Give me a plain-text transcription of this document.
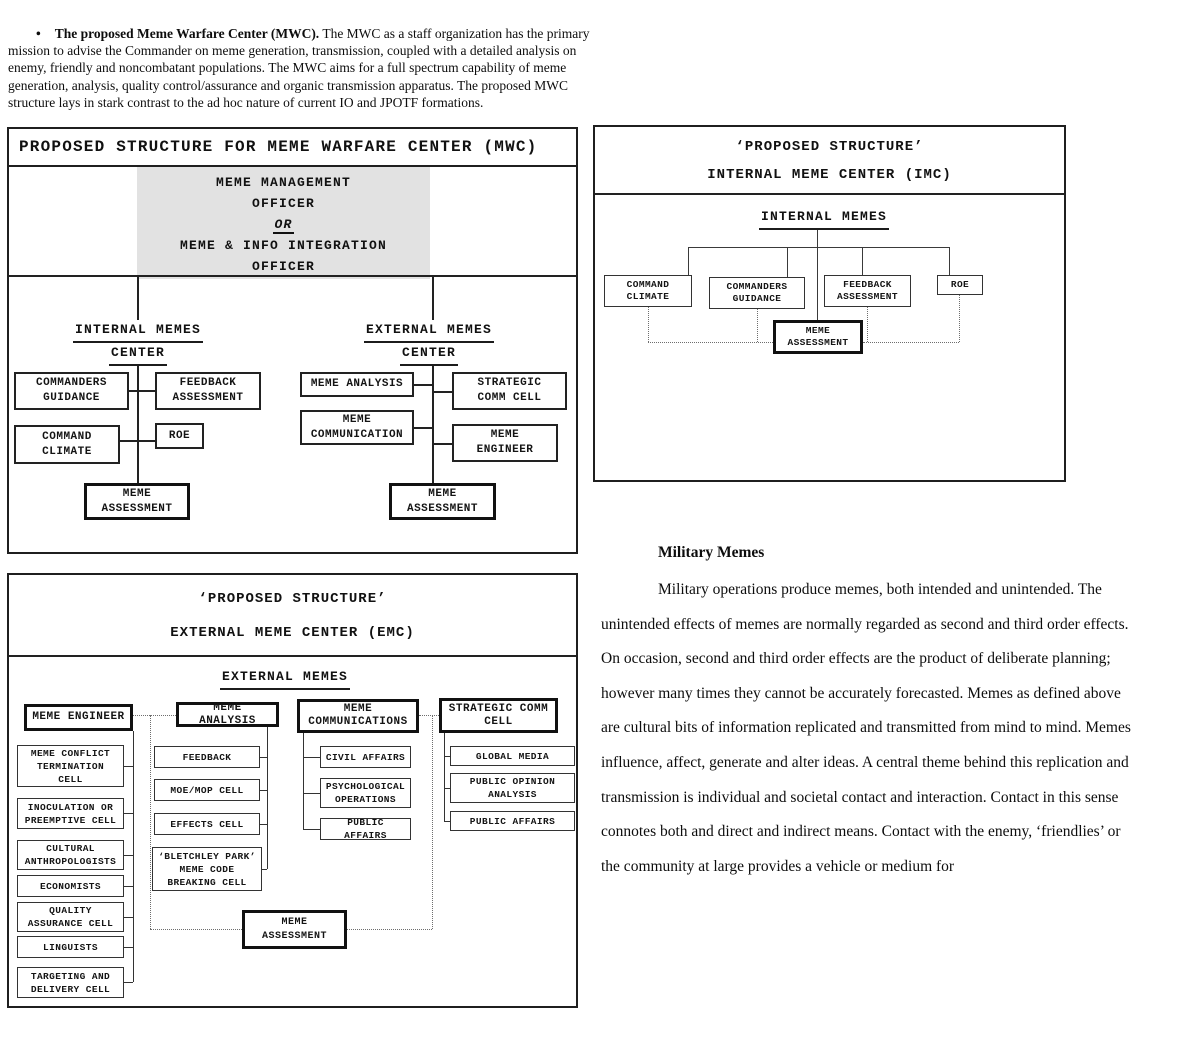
• The proposed Meme Warfare Center (MWC). The MWC as a staff organization has the primary mission to advise the Commander on meme generation, transmission, coupled with a detailed analysis on enemy, friendly and noncombatant populations. The MWC aims for a full spectrum capability of meme generation, analysis, quality control/assurance and organic transmission apparatus. The proposed MWC structure lays in stark contrast to the ad hoc nature of current IO and JPOTF formations.

PROPOSED STRUCTURE FOR MEME WARFARE CENTER (MWC)
MEME MANAGEMENT
OFFICER
OR
MEME & INFO INTEGRATION
OFFICER
INTERNAL MEMES
CENTER
COMMANDERS GUIDANCE
FEEDBACK ASSESSMENT
COMMAND CLIMATE
ROE
MEME ASSESSMENT
EXTERNAL MEMES
CENTER
MEME ANALYSIS	STRATEGIC COMM CELL
MEME COMMUNICATION	MEME ENGINEER
MEME ASSESSMENT
‘PROPOSED STRUCTURE’
INTERNAL MEME CENTER (IMC)
INTERNAL MEMES
COMMAND CLIMATE
COMMANDERS GUIDANCE
FEEDBACK ASSESSMENT
ROE
MEME ASSESSMENT
‘PROPOSED STRUCTURE’
EXTERNAL MEME CENTER (EMC)
EXTERNAL MEMES
MEME ENGINEER
MEME ANALYSIS
MEME COMMUNICATIONS
STRATEGIC COMM CELL
MEME CONFLICT TERMINATION CELL
INOCULATION OR PREEMPTIVE CELL
CULTURAL ANTHROPOLOGISTS
ECONOMISTS
QUALITY ASSURANCE CELL
LINGUISTS
TARGETING AND DELIVERY CELL
FEEDBACK
MOE/MOP CELL
EFFECTS CELL
‘BLETCHLEY PARK’ MEME CODE BREAKING CELL
CIVIL AFFAIRS
PSYCHOLOGICAL OPERATIONS
PUBLIC AFFAIRS
GLOBAL MEDIA
PUBLIC OPINION ANALYSIS
PUBLIC AFFAIRS
MEME ASSESSMENT
Military Memes
Military operations produce memes, both intended and unintended. The unintended effects of memes are normally regarded as second and third order effects. On occasion, second and third order effects are the product of deliberate planning; however many times they cannot be accurately forecasted. Memes as defined above are cultural bits of information replicated and transmitted from mind to mind. Memes influence, affect, generate and alter ideas. A central theme behind this replication and transmission is individual and societal contact and interaction. Contact in this sense connotes both and direct and indirect means. Contact with the enemy, ‘friendlies’ or the community at large provides a vehicle or medium for
